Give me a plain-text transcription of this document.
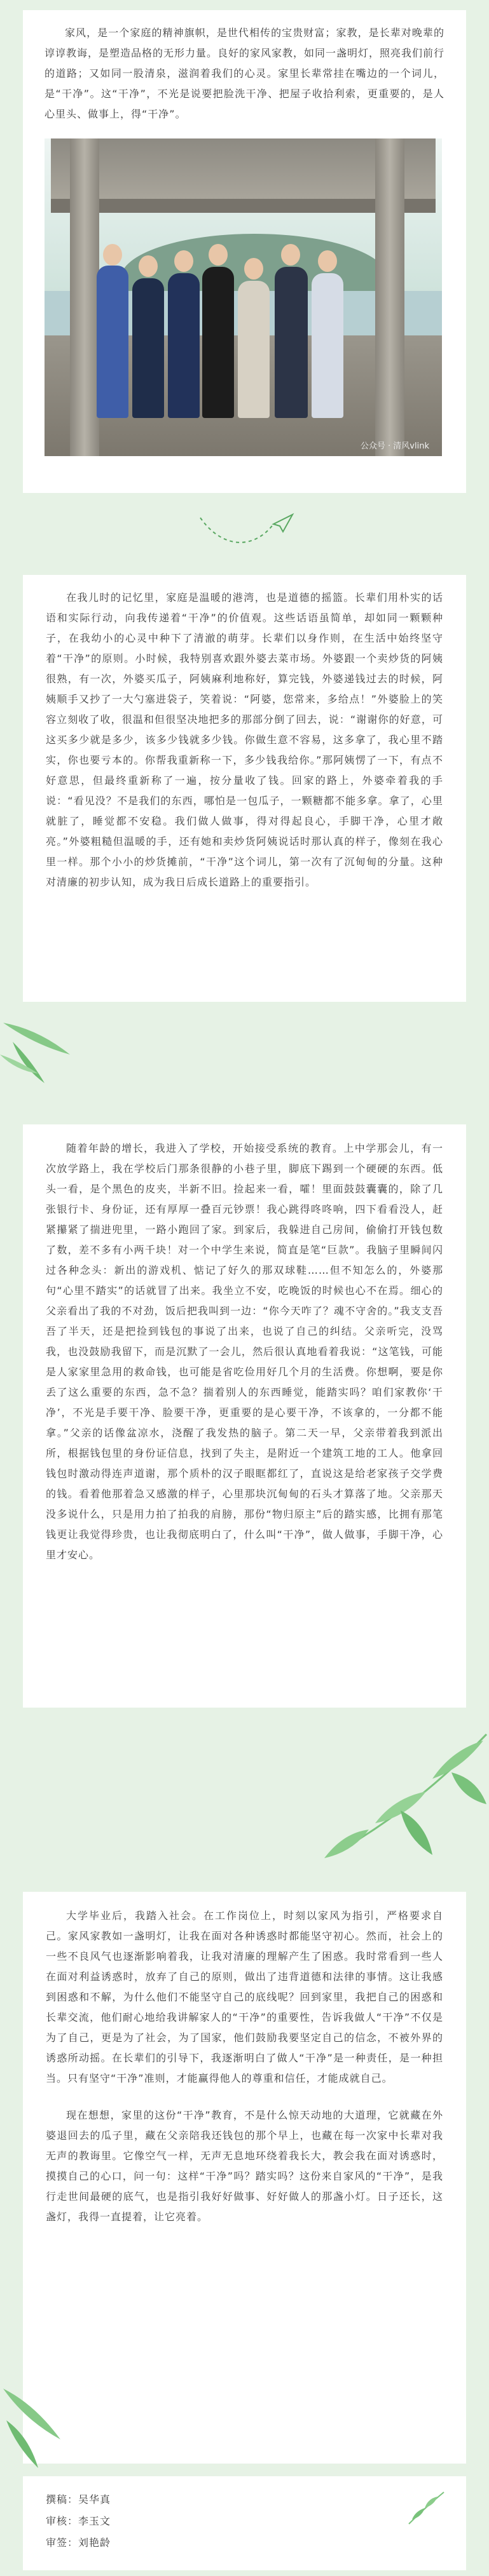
家风，是一个家庭的精神旗帜，是世代相传的宝贵财富；家教，是长辈对晚辈的谆谆教诲，是塑造品格的无形力量。良好的家风家教，如同一盏明灯，照亮我们前行的道路；又如同一股清泉，滋润着我们的心灵。家里长辈常挂在嘴边的一个词儿，是“干净”。这“干净”，不光是说要把脸洗干净、把屋子收拾利索，更重要的，是人心里头、做事上，得“干净”。

公众号 · 清风vlink

在我儿时的记忆里，家庭是温暖的港湾，也是道德的摇篮。长辈们用朴实的话语和实际行动，向我传递着“干净”的价值观。这些话语虽简单，却如同一颗颗种子，在我幼小的心灵中种下了清澈的萌芽。长辈们以身作则，在生活中始终坚守着“干净”的原则。小时候，我特别喜欢跟外婆去菜市场。外婆跟一个卖炒货的阿姨很熟，有一次，外婆买瓜子，阿姨麻利地称好，算完钱，外婆递钱过去的时候，阿姨顺手又抄了一大勺塞进袋子，笑着说：“阿婆，您常来，多给点！”外婆脸上的笑容立刻收了收，很温和但很坚决地把多的那部分倒了回去，说：“谢谢你的好意，可这买多少就是多少，该多少钱就多少钱。你做生意不容易，这多拿了，我心里不踏实，你也要亏本的。你帮我重新称一下，多少钱我给你。”那阿姨愣了一下，有点不好意思，但最终重新称了一遍，按分量收了钱。回家的路上，外婆牵着我的手说：“看见没？不是我们的东西，哪怕是一包瓜子，一颗糖都不能多拿。拿了，心里就脏了，睡觉都不安稳。我们做人做事，得对得起良心，手脚干净，心里才敞亮。”外婆粗糙但温暖的手，还有她和卖炒货阿姨说话时那认真的样子，像刻在我心里一样。那个小小的炒货摊前，“干净”这个词儿，第一次有了沉甸甸的分量。这种对清廉的初步认知，成为我日后成长道路上的重要指引。

随着年龄的增长，我进入了学校，开始接受系统的教育。上中学那会儿，有一次放学路上，我在学校后门那条很静的小巷子里，脚底下踢到一个硬硬的东西。低头一看，是个黑色的皮夹，半新不旧。捡起来一看，嚯！里面鼓鼓囊囊的，除了几张银行卡、身份证，还有厚厚一叠百元钞票！我心跳得咚咚响，四下看看没人，赶紧攥紧了揣进兜里，一路小跑回了家。到家后，我躲进自己房间，偷偷打开钱包数了数，差不多有小两千块！对一个中学生来说，简直是笔“巨款”。我脑子里瞬间闪过各种念头：新出的游戏机、惦记了好久的那双球鞋……但不知怎么的，外婆那句“心里不踏实”的话就冒了出来。我坐立不安，吃晚饭的时候也心不在焉。细心的父亲看出了我的不对劲，饭后把我叫到一边：“你今天咋了？魂不守舍的。”我支支吾吾了半天，还是把捡到钱包的事说了出来，也说了自己的纠结。父亲听完，没骂我，也没鼓励我留下，而是沉默了一会儿，然后很认真地看着我说：“这笔钱，可能是人家家里急用的救命钱，也可能是省吃俭用好几个月的生活费。你想啊，要是你丢了这么重要的东西，急不急？揣着别人的东西睡觉，能踏实吗？咱们家教你‘干净’，不光是手要干净、脸要干净，更重要的是心要干净，不该拿的，一分都不能拿。”父亲的话像盆凉水，浇醒了我发热的脑子。第二天一早，父亲带着我到派出所，根据钱包里的身份证信息，找到了失主，是附近一个建筑工地的工人。他拿回钱包时激动得连声道谢，那个质朴的汉子眼眶都红了，直说这是给老家孩子交学费的钱。看着他那着急又感激的样子，心里那块沉甸甸的石头才算落了地。父亲那天没多说什么，只是用力拍了拍我的肩膀，那份“物归原主”后的踏实感，比拥有那笔钱更让我觉得珍贵，也让我彻底明白了，什么叫“干净”，做人做事，手脚干净，心里才安心。

大学毕业后，我踏入社会。在工作岗位上，时刻以家风为指引，严格要求自己。家风家教如一盏明灯，让我在面对各种诱惑时都能坚守初心。然而，社会上的一些不良风气也逐渐影响着我，让我对清廉的理解产生了困惑。我时常看到一些人在面对利益诱惑时，放弃了自己的原则，做出了违背道德和法律的事情。这让我感到困惑和不解，为什么他们不能坚守自己的底线呢？回到家里，我把自己的困惑和长辈交流，他们耐心地给我讲解家人的“干净”的重要性，告诉我做人“干净”不仅是为了自己，更是为了社会，为了国家，他们鼓励我要坚定自己的信念，不被外界的诱惑所动摇。在长辈们的引导下，我逐渐明白了做人“干净”是一种责任，是一种担当。只有坚守“干净”准则，才能赢得他人的尊重和信任，才能成就自己。

现在想想，家里的这份“干净”教育，不是什么惊天动地的大道理，它就藏在外婆退回去的瓜子里，藏在父亲陪我还钱包的那个早上，也藏在每一次家中长辈对我无声的教诲里。它像空气一样，无声无息地环绕着我长大，教会我在面对诱惑时，摸摸自己的心口，问一句：这样“干净”吗？踏实吗？这份来自家风的“干净”，是我行走世间最硬的底气，也是指引我好好做事、好好做人的那盏小灯。日子还长，这盏灯，我得一直提着，让它亮着。

撰稿：吴华真
审核：李玉文
审签：刘艳龄
